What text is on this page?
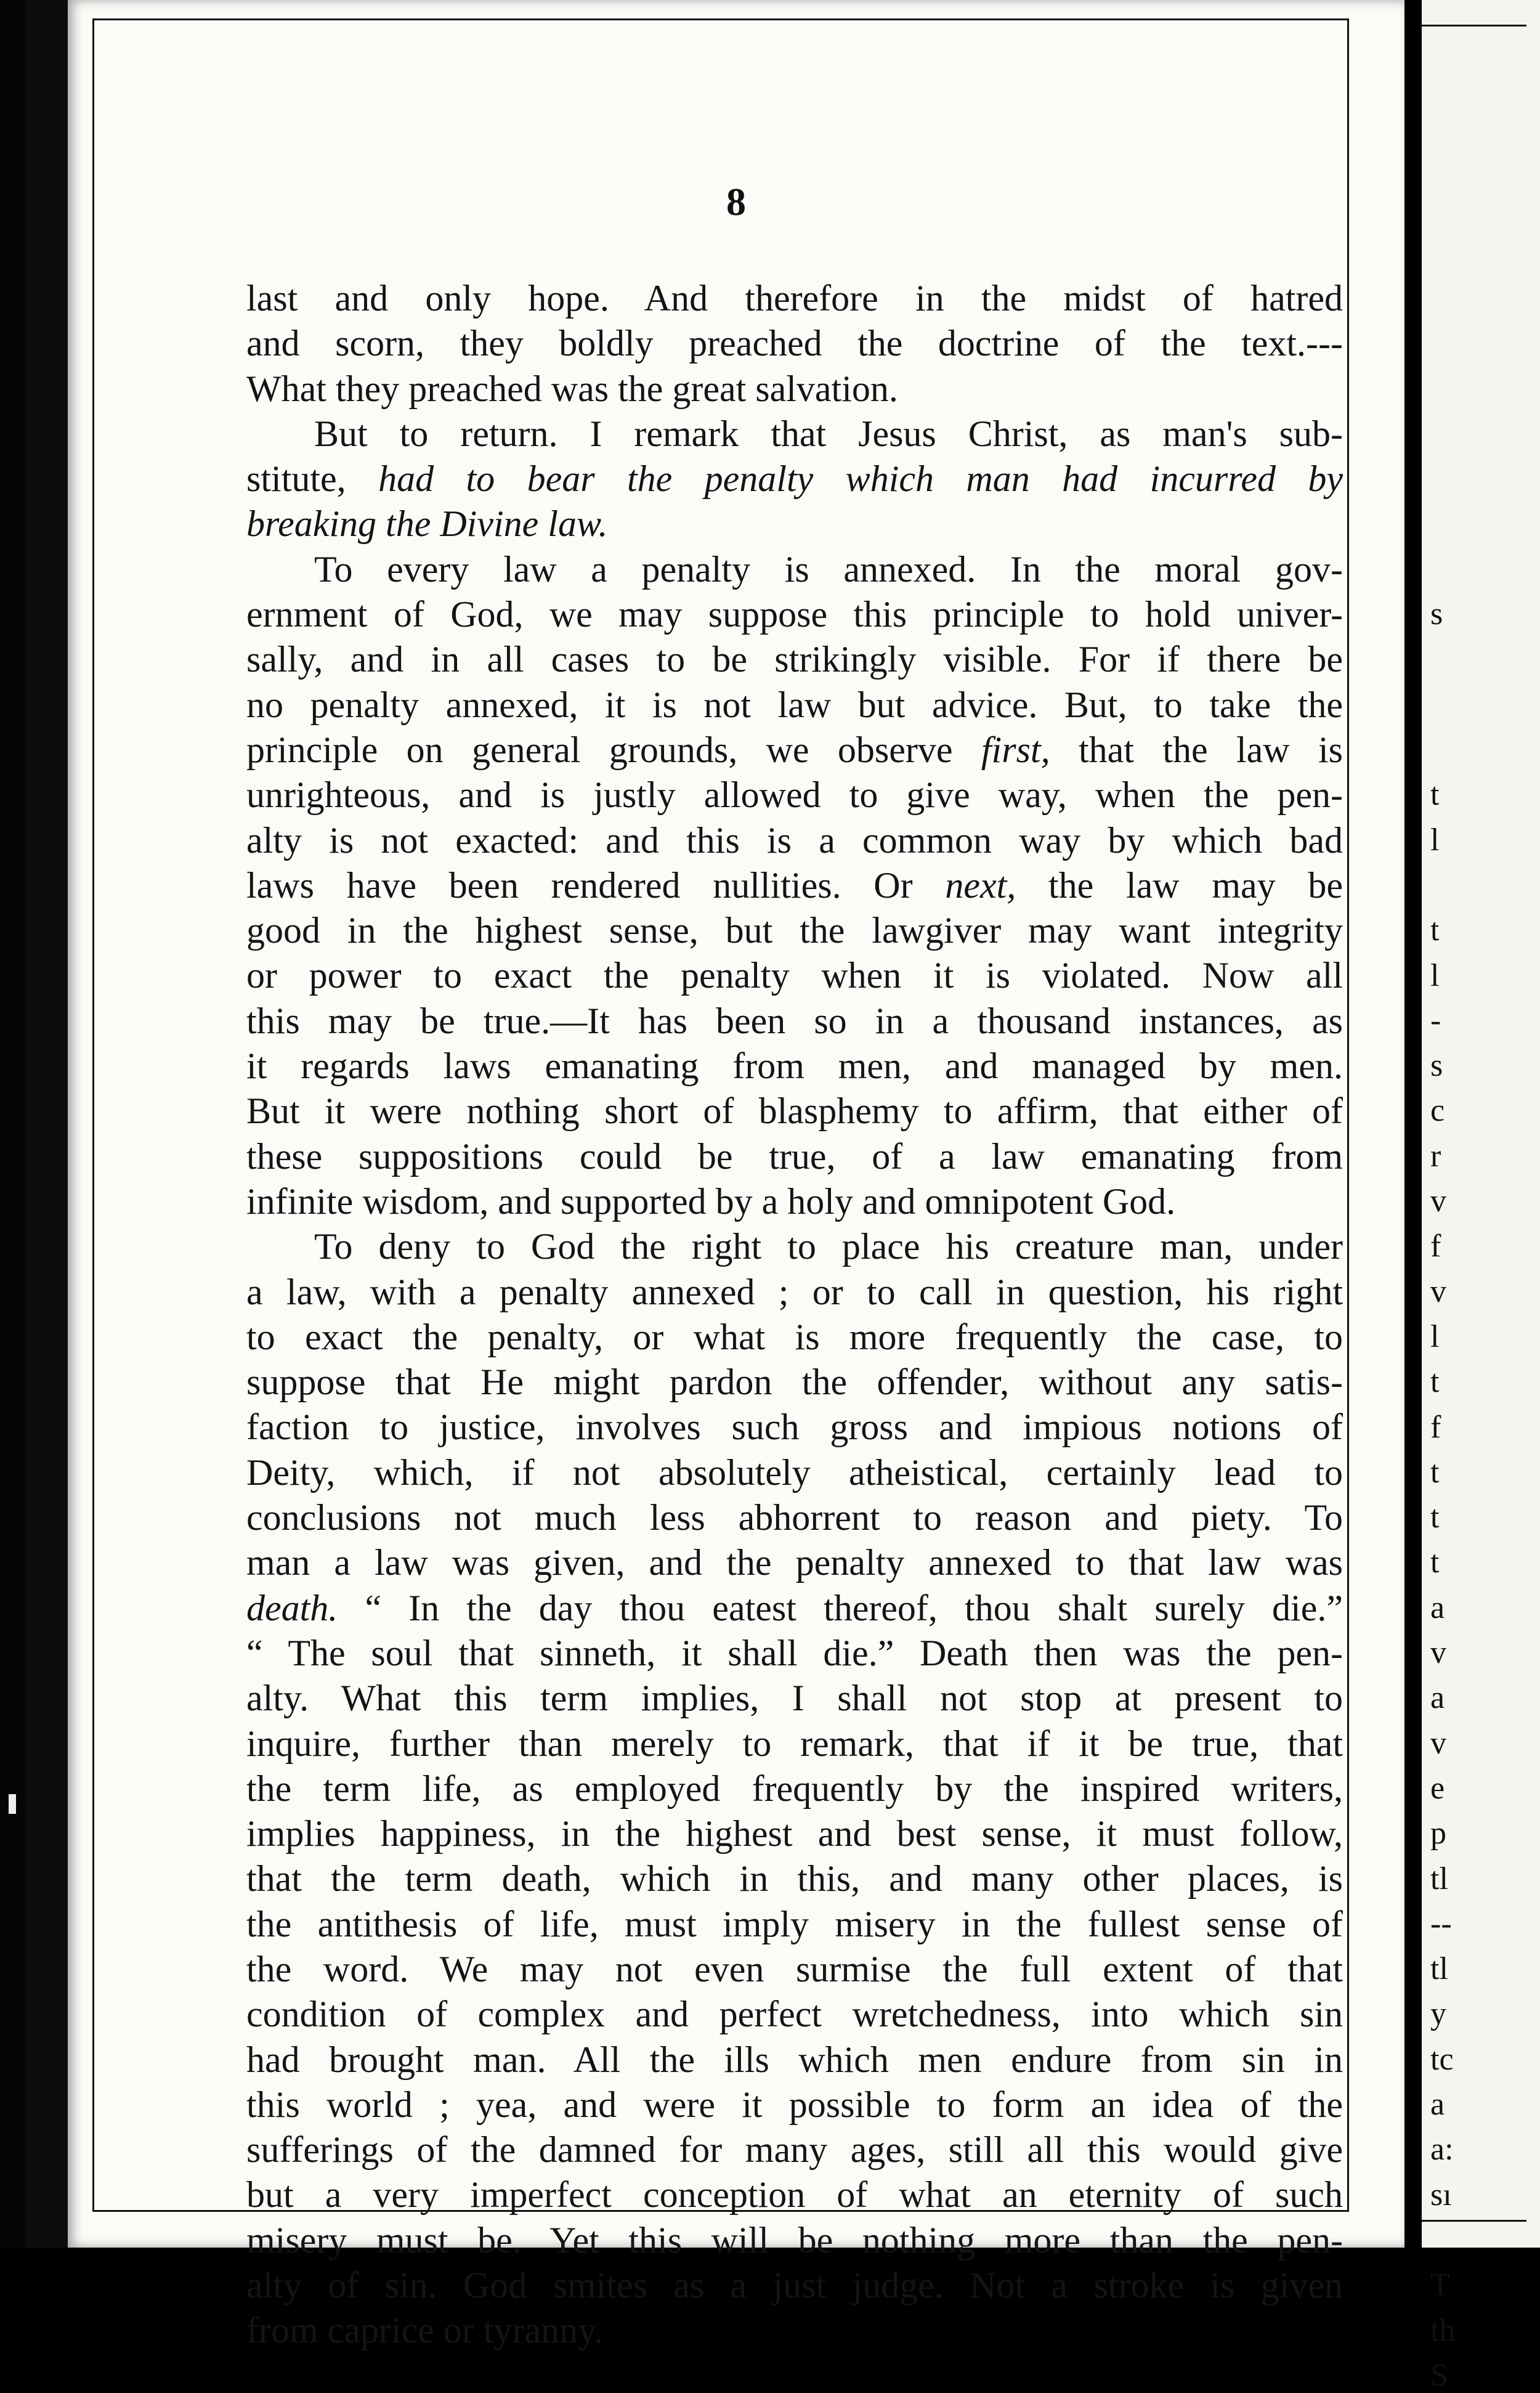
8
last and only hope. And therefore in the midst of hatred
and scorn, they boldly preached the doctrine of the text.---
What they preached was the great salvation.
But to return. I remark that Jesus Christ, as man's sub-
stitute, had to bear the penalty which man had incurred by
breaking the Divine law.
To every law a penalty is annexed. In the moral gov-
ernment of God, we may suppose this principle to hold univer-
sally, and in all cases to be strikingly visible. For if there be
no penalty annexed, it is not law but advice. But, to take the
principle on general grounds, we observe first, that the law is
unrighteous, and is justly allowed to give way, when the pen-
alty is not exacted: and this is a common way by which bad
laws have been rendered nullities. Or next, the law may be
good in the highest sense, but the lawgiver may want integrity
or power to exact the penalty when it is violated. Now all
this may be true.—It has been so in a thousand instances, as
it regards laws emanating from men, and managed by men.
But it were nothing short of blasphemy to affirm, that either of
these suppositions could be true, of a law emanating from
infinite wisdom, and supported by a holy and omnipotent God.
To deny to God the right to place his creature man, under
a law, with a penalty annexed ; or to call in question, his right
to exact the penalty, or what is more frequently the case, to
suppose that He might pardon the offender, without any satis-
faction to justice, involves such gross and impious notions of
Deity, which, if not absolutely atheistical, certainly lead to
conclusions not much less abhorrent to reason and piety. To
man a law was given, and the penalty annexed to that law was
death. “ In the day thou eatest thereof, thou shalt surely die.”
“ The soul that sinneth, it shall die.” Death then was the pen-
alty. What this term implies, I shall not stop at present to
inquire, further than merely to remark, that if it be true, that
the term life, as employed frequently by the inspired writers,
implies happiness, in the highest and best sense, it must follow,
that the term death, which in this, and many other places, is
the antithesis of life, must imply misery in the fullest sense of
the word. We may not even surmise the full extent of that
condition of complex and perfect wretchedness, into which sin
had brought man. All the ills which men endure from sin in
this world ; yea, and were it possible to form an idea of the
sufferings of the damned for many ages, still all this would give
but a very imperfect conception of what an eternity of such
misery must be. Yet this will be nothing more than the pen-
alty of sin. God smites as a just judge. Not a stroke is given
from caprice or tyranny.
s
t
l
t
l
-
s
c
r
v
f
v
l
t
f
t
t
t
a
v
a
v
e
p
tl
--
tl
y
tc
a
a:
sı
T
th
S
